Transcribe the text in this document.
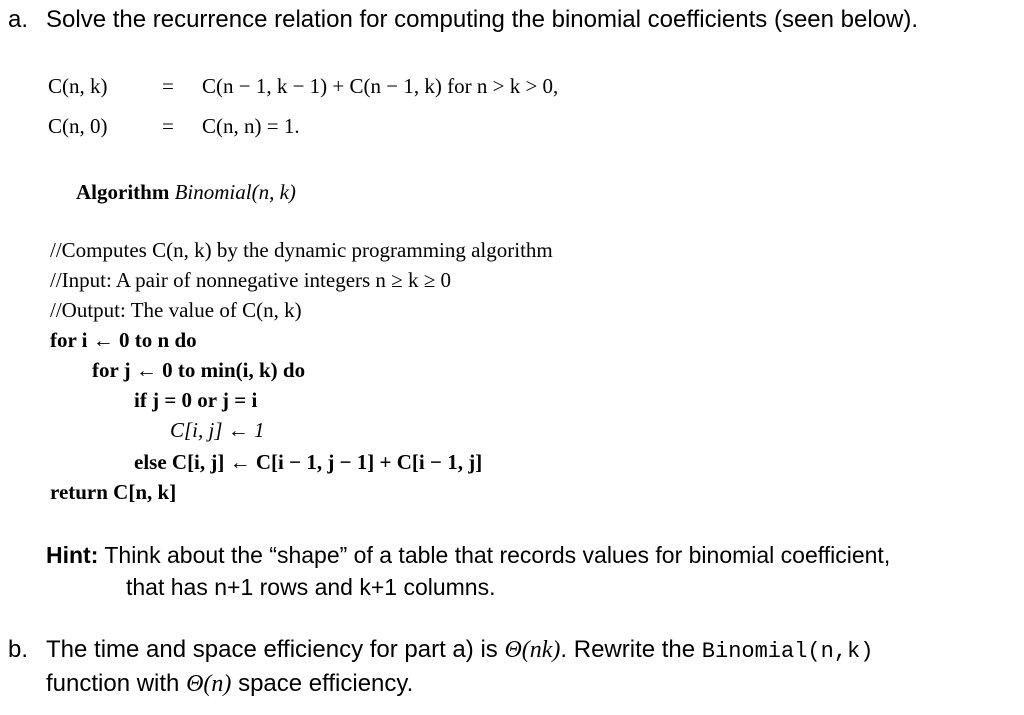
a. Solve the recurrence relation for computing the binomial coefficients (seen below).
C(n, k)	= C(n − 1, k − 1) + C(n − 1, k) for n > k > 0,
C(n, 0)	= C(n, n) = 1.
Algorithm Binomial(n, k)
//Computes C(n, k) by the dynamic programming algorithm
//Input: A pair of nonnegative integers n ≥ k ≥ 0
//Output: The value of C(n, k)
for i ← 0 to n do
for j ← 0 to min(i, k) do
if j = 0 or j = i
C[i, j] ← 1
else C[i, j] ← C[i − 1, j − 1] + C[i − 1, j]
return C[n, k]
Hint: Think about the “shape” of a table that records values for binomial coefficient,
that has n+1 rows and k+1 columns.
b. The time and space efficiency for part a) is Θ(nk). Rewrite the Binomial(n,k)
function with Θ(n) space efficiency.
